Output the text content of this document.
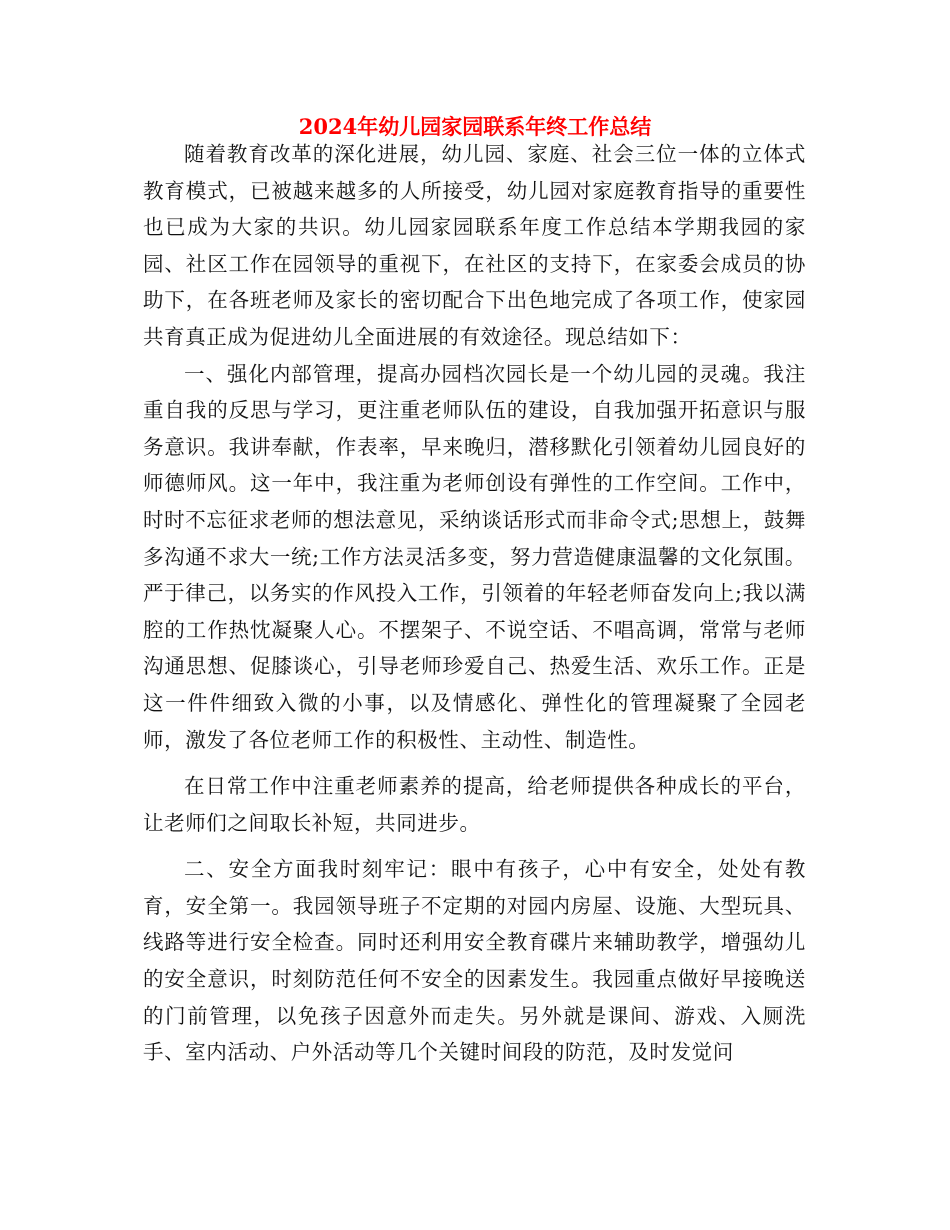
2024年幼儿园家园联系年终工作总结

随着教育改革的深化进展，幼儿园、家庭、社会三位一体的立体式教育模式，已被越来越多的人所接受，幼儿园对家庭教育指导的重要性也已成为大家的共识。幼儿园家园联系年度工作总结本学期我园的家园、社区工作在园领导的重视下，在社区的支持下，在家委会成员的协助下，在各班老师及家长的密切配合下出色地完成了各项工作，使家园共育真正成为促进幼儿全面进展的有效途径。现总结如下：

一、强化内部管理，提高办园档次园长是一个幼儿园的灵魂。我注重自我的反思与学习，更注重老师队伍的建设，自我加强开拓意识与服务意识。我讲奉献，作表率，早来晚归，潜移默化引领着幼儿园良好的师德师风。这一年中，我注重为老师创设有弹性的工作空间。工作中，时时不忘征求老师的想法意见，采纳谈话形式而非命令式;思想上，鼓舞多沟通不求大一统;工作方法灵活多变，努力营造健康温馨的文化氛围。严于律己，以务实的作风投入工作，引领着的年轻老师奋发向上;我以满腔的工作热忱凝聚人心。不摆架子、不说空话、不唱高调，常常与老师沟通思想、促膝谈心，引导老师珍爱自己、热爱生活、欢乐工作。正是这一件件细致入微的小事，以及情感化、弹性化的管理凝聚了全园老师，激发了各位老师工作的积极性、主动性、制造性。

在日常工作中注重老师素养的提高，给老师提供各种成长的平台，让老师们之间取长补短，共同进步。

二、安全方面我时刻牢记：眼中有孩子，心中有安全，处处有教育，安全第一。我园领导班子不定期的对园内房屋、设施、大型玩具、线路等进行安全检查。同时还利用安全教育碟片来辅助教学，增强幼儿的安全意识，时刻防范任何不安全的因素发生。我园重点做好早接晚送的门前管理，以免孩子因意外而走失。另外就是课间、游戏、入厕洗手、室内活动、户外活动等几个关键时间段的防范，及时发觉问
